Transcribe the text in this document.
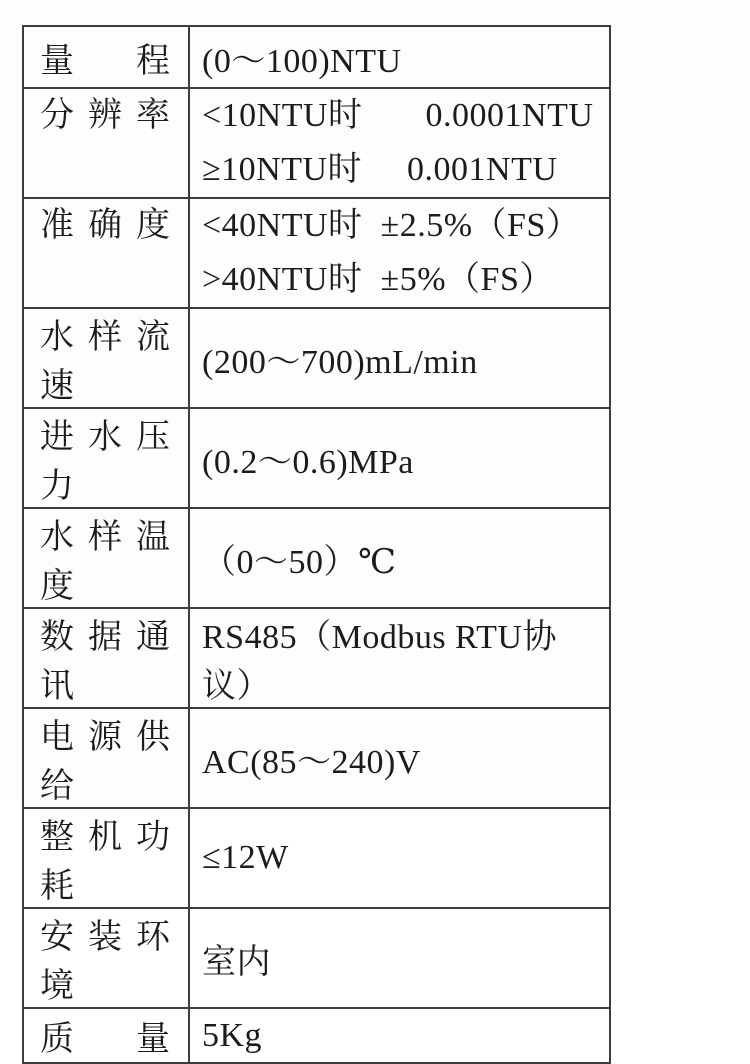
量 程	(0～100)NTU

分 辨 率	<10NTU时       0.0001NTU
≥10NTU时     0.001NTU

准 确 度	<40NTU时  ±2.5%（FS）
>40NTU时  ±5%（FS）

水样流速	(200～700)mL/min

进水压力	(0.2～0.6)MPa

水样温度	（0～50）℃

数据通讯	RS485（Modbus RTU协议）

电源供给	AC(85～240)V

整机功耗	≤12W

安装环境	室内

质 量	5Kg
